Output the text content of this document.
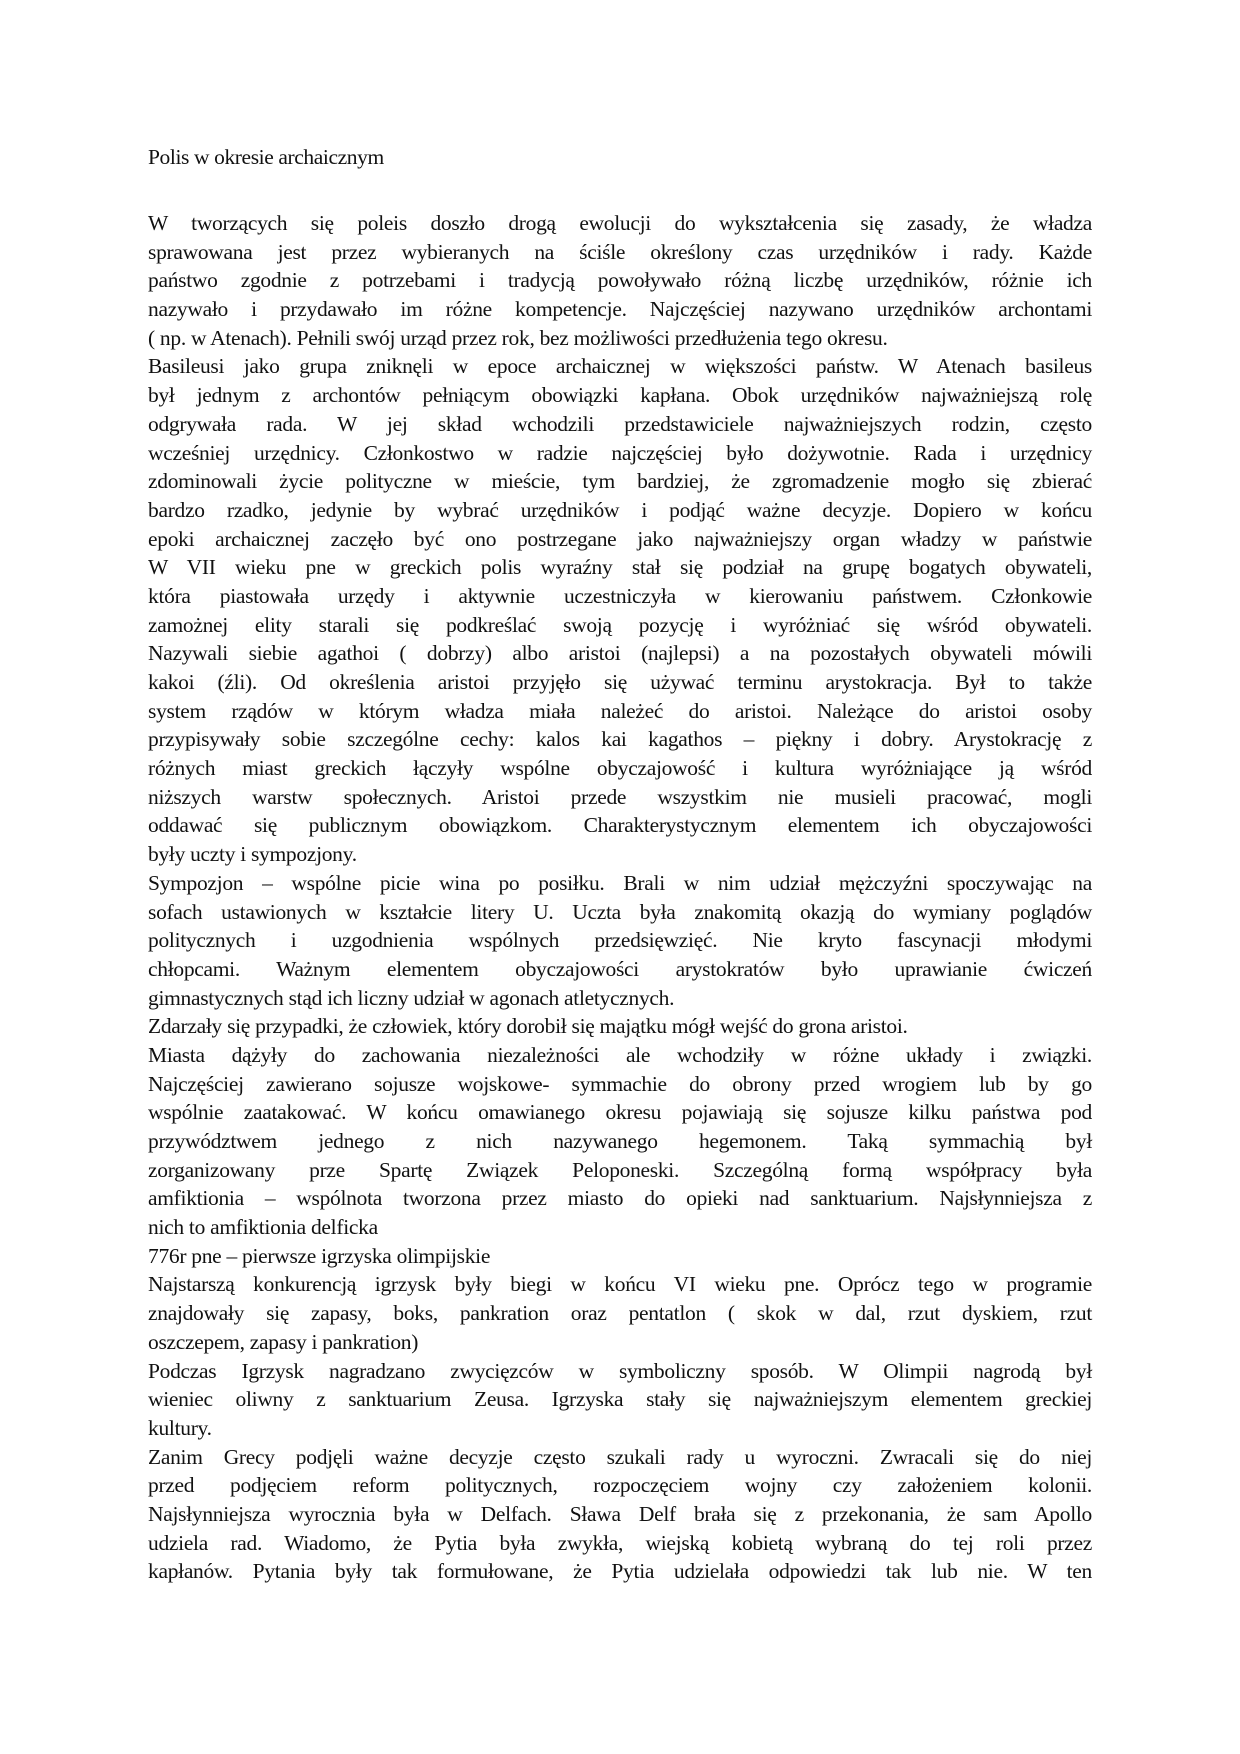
Polis w okresie archaicznym
W tworzących się poleis doszło drogą ewolucji do wykształcenia się zasady, że władza
sprawowana jest przez wybieranych na ściśle określony czas urzędników i rady. Każde
państwo zgodnie z potrzebami i tradycją powoływało różną liczbę urzędników, różnie ich
nazywało i przydawało im różne kompetencje. Najczęściej nazywano urzędników archontami
( np. w Atenach). Pełnili swój urząd przez rok, bez możliwości przedłużenia tego okresu.
Basileusi jako grupa zniknęli w epoce archaicznej w większości państw. W Atenach basileus
był jednym z archontów pełniącym obowiązki kapłana. Obok urzędników najważniejszą rolę
odgrywała rada. W jej skład wchodzili przedstawiciele najważniejszych rodzin, często
wcześniej urzędnicy. Członkostwo w radzie najczęściej było dożywotnie. Rada i urzędnicy
zdominowali życie polityczne w mieście, tym bardziej, że zgromadzenie mogło się zbierać
bardzo rzadko, jedynie by wybrać urzędników i podjąć ważne decyzje. Dopiero w końcu
epoki archaicznej zaczęło być ono postrzegane jako najważniejszy organ władzy w państwie
W VII wieku pne w greckich polis wyraźny stał się podział na grupę bogatych obywateli,
która piastowała urzędy i aktywnie uczestniczyła w kierowaniu państwem. Członkowie
zamożnej elity starali się podkreślać swoją pozycję i wyróżniać się wśród obywateli.
Nazywali siebie agathoi ( dobrzy) albo aristoi (najlepsi) a na pozostałych obywateli mówili
kakoi (źli). Od określenia aristoi przyjęło się używać terminu arystokracja. Był to także
system rządów w którym władza miała należeć do aristoi. Należące do aristoi osoby
przypisywały sobie szczególne cechy: kalos kai kagathos – piękny i dobry. Arystokrację z
różnych miast greckich łączyły wspólne obyczajowość i kultura wyróżniające ją wśród
niższych warstw społecznych. Aristoi przede wszystkim nie musieli pracować, mogli
oddawać się publicznym obowiązkom. Charakterystycznym elementem ich obyczajowości
były uczty i sympozjony.
Sympozjon – wspólne picie wina po posiłku. Brali w nim udział mężczyźni spoczywając na
sofach ustawionych w kształcie litery U. Uczta była znakomitą okazją do wymiany poglądów
politycznych i uzgodnienia wspólnych przedsięwzięć. Nie kryto fascynacji młodymi
chłopcami. Ważnym elementem obyczajowości arystokratów było uprawianie ćwiczeń
gimnastycznych stąd ich liczny udział w agonach atletycznych.
Zdarzały się przypadki, że człowiek, który dorobił się majątku mógł wejść do grona aristoi.
Miasta dążyły do zachowania niezależności ale wchodziły w różne układy i związki.
Najczęściej zawierano sojusze wojskowe- symmachie do obrony przed wrogiem lub by go
wspólnie zaatakować. W końcu omawianego okresu pojawiają się sojusze kilku państwa pod
przywództwem jednego z nich nazywanego hegemonem. Taką symmachią był
zorganizowany prze Spartę Związek Peloponeski. Szczególną formą współpracy była
amfiktionia – wspólnota tworzona przez miasto do opieki nad sanktuarium. Najsłynniejsza z
nich to amfiktionia delficka
776r pne – pierwsze igrzyska olimpijskie
Najstarszą konkurencją igrzysk były biegi w końcu VI wieku pne. Oprócz tego w programie
znajdowały się zapasy, boks, pankration oraz pentatlon ( skok w dal, rzut dyskiem, rzut
oszczepem, zapasy i pankration)
Podczas Igrzysk nagradzano zwycięzców w symboliczny sposób. W Olimpii nagrodą był
wieniec oliwny z sanktuarium Zeusa. Igrzyska stały się najważniejszym elementem greckiej
kultury.
Zanim Grecy podjęli ważne decyzje często szukali rady u wyroczni. Zwracali się do niej
przed podjęciem reform politycznych, rozpoczęciem wojny czy założeniem kolonii.
Najsłynniejsza wyrocznia była w Delfach. Sława Delf brała się z przekonania, że sam Apollo
udziela rad. Wiadomo, że Pytia była zwykła, wiejską kobietą wybraną do tej roli przez
kapłanów. Pytania były tak formułowane, że Pytia udzielała odpowiedzi tak lub nie. W ten
